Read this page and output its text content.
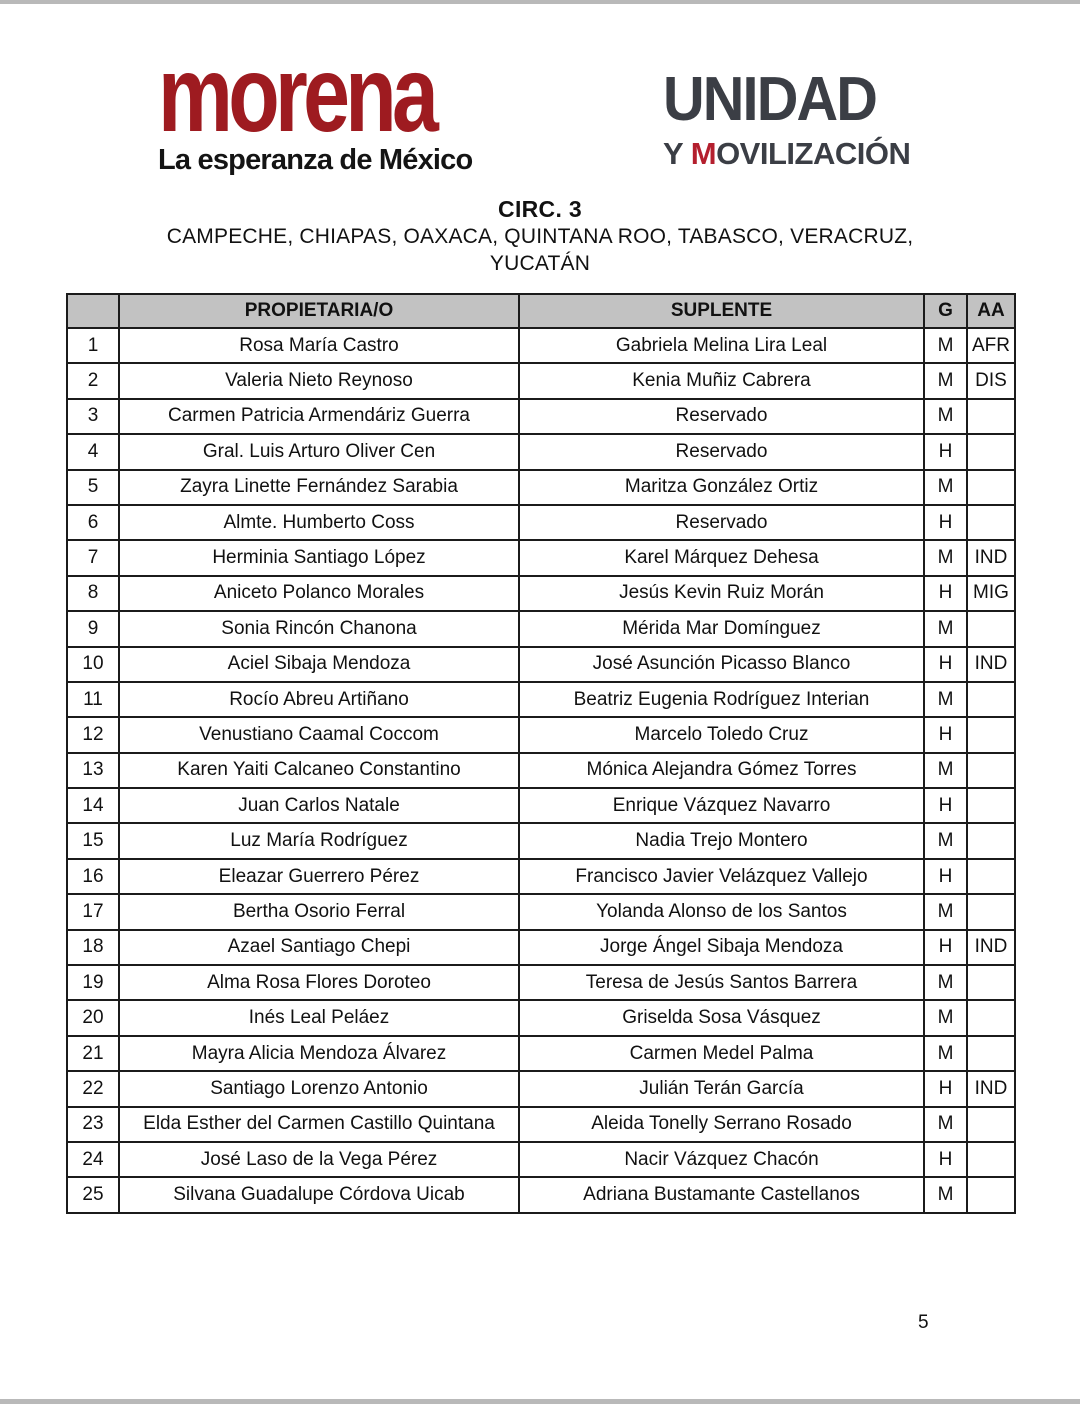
morena
La esperanza de México
UNIDAD
Y MOVILIZACIÓN
CIRC. 3
CAMPECHE, CHIAPAS, OAXACA, QUINTANA ROO, TABASCO, VERACRUZ,
YUCATÁN
	PROPIETARIA/O	SUPLENTE	G	AA
1	Rosa María Castro	Gabriela Melina Lira Leal	M	AFR
2	Valeria Nieto Reynoso	Kenia Muñiz Cabrera	M	DIS
3	Carmen Patricia Armendáriz Guerra	Reservado	M	
4	Gral. Luis Arturo Oliver Cen	Reservado	H	
5	Zayra Linette Fernández Sarabia	Maritza González Ortiz	M	
6	Almte. Humberto Coss	Reservado	H	
7	Herminia Santiago López	Karel Márquez Dehesa	M	IND
8	Aniceto Polanco Morales	Jesús Kevin Ruiz Morán	H	MIG
9	Sonia Rincón Chanona	Mérida Mar Domínguez	M	
10	Aciel Sibaja Mendoza	José Asunción Picasso Blanco	H	IND
11	Rocío Abreu Artiñano	Beatriz Eugenia Rodríguez Interian	M	
12	Venustiano Caamal Coccom	Marcelo Toledo Cruz	H	
13	Karen Yaiti Calcaneo Constantino	Mónica Alejandra Gómez Torres	M	
14	Juan Carlos Natale	Enrique Vázquez Navarro	H	
15	Luz María Rodríguez	Nadia Trejo Montero	M	
16	Eleazar Guerrero Pérez	Francisco Javier Velázquez Vallejo	H	
17	Bertha Osorio Ferral	Yolanda Alonso de los Santos	M	
18	Azael Santiago Chepi	Jorge Ángel Sibaja Mendoza	H	IND
19	Alma Rosa Flores Doroteo	Teresa de Jesús Santos Barrera	M	
20	Inés Leal Peláez	Griselda Sosa Vásquez	M	
21	Mayra Alicia Mendoza Álvarez	Carmen Medel Palma	M	
22	Santiago Lorenzo Antonio	Julián Terán García	H	IND
23	Elda Esther del Carmen Castillo Quintana	Aleida Tonelly Serrano Rosado	M	
24	José Laso de la Vega Pérez	Nacir Vázquez Chacón	H	
25	Silvana Guadalupe Córdova Uicab	Adriana Bustamante Castellanos	M	
5
